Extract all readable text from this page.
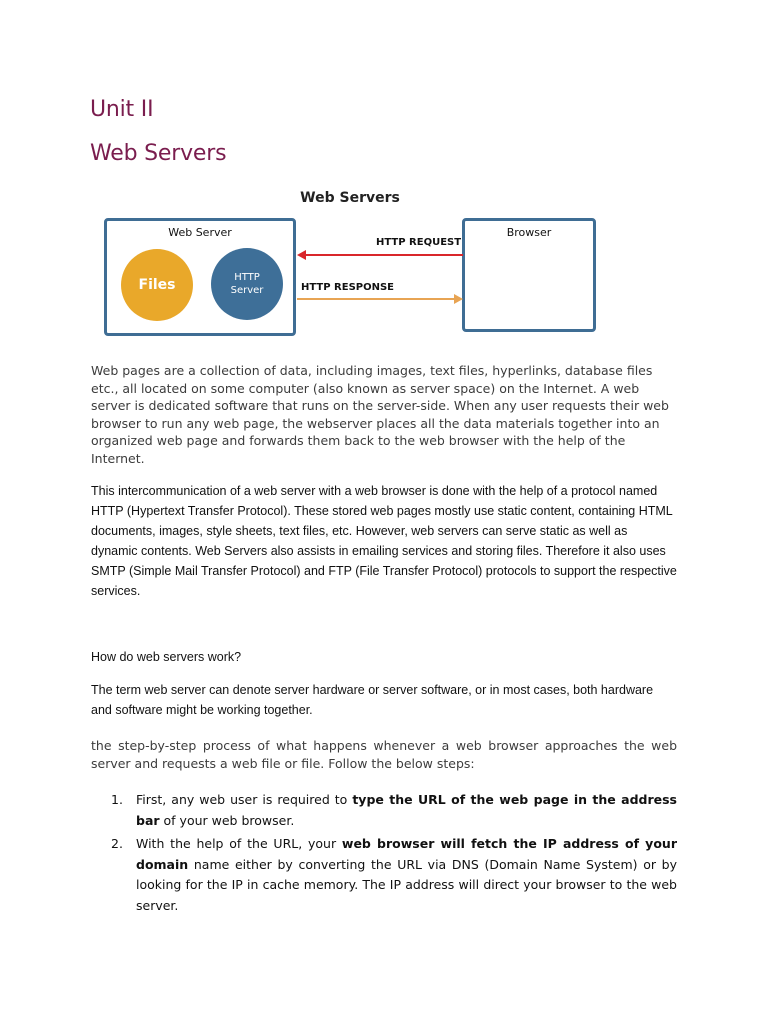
Unit II
Web Servers
Web Servers
Web Server
Files	HTTP
Server
Browser
HTTP REQUEST
HTTP RESPONSE

Web pages are a collection of data, including images, text files, hyperlinks, database files etc., all located on some computer (also known as server space) on the Internet. A web server is dedicated software that runs on the server-side. When any user requests their web browser to run any web page, the webserver places all the data materials together into an organized web page and forwards them back to the web browser with the help of the Internet.

This intercommunication of a web server with a web browser is done with the help of a protocol named HTTP (Hypertext Transfer Protocol). These stored web pages mostly use static content, containing HTML documents, images, style sheets, text files, etc. However, web servers can serve static as well as dynamic contents. Web Servers also assists in emailing services and storing files. Therefore it also uses SMTP (Simple Mail Transfer Protocol) and FTP (File Transfer Protocol) protocols to support the respective services.

How do web servers work?

The term web server can denote server hardware or server software, or in most cases, both hardware and software might be working together.

the step-by-step process of what happens whenever a web browser approaches the web server and requests a web file or file. Follow the below steps:

1. First, any web user is required to type the URL of the web page in the address bar of your web browser.
2. With the help of the URL, your web browser will fetch the IP address of your domain name either by converting the URL via DNS (Domain Name System) or by looking for the IP in cache memory. The IP address will direct your browser to the web server.
